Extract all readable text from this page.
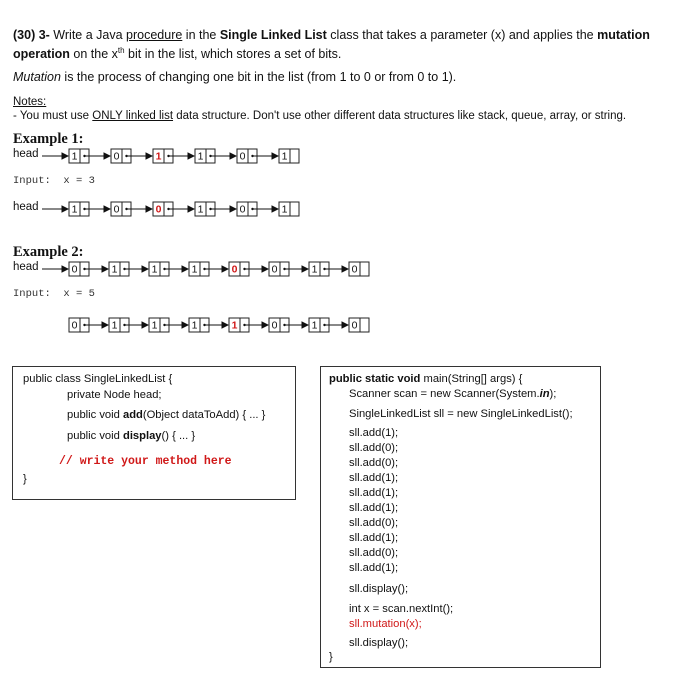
(30) 3- Write a Java procedure in the Single Linked List class that takes a parameter (x) and applies the mutation operation on the $x^{th}$ bit in the list, which stores a set of bits.
Mutation is the process of changing one bit in the list (from 1 to 0 or from 0 to 1).
Notes:
- You must use ONLY linked list data structure. Don't use other different data structures like stack, queue, array, or string.
Example 1:
head
Input:  x = 3
head
Example 2:
head
Input:  x = 5
1	0	1	1	0	1
1	0	0	1	0	1
0	1	1	1	0	0	1	0
0	1	1	1	1	0	1	0
public class SingleLinkedList {
private Node head;
public void add(Object dataToAdd) { ... }
public void display() { ... }
// write your method here
}
public static void main(String[] args) {
Scanner scan = new Scanner(System.in);
SingleLinkedList sll = new SingleLinkedList();
sll.add(1);
sll.add(0);
sll.add(0);
sll.add(1);
sll.add(1);
sll.add(1);
sll.add(0);
sll.add(1);
sll.add(0);
sll.add(1);
sll.display();
int x = scan.nextInt();
sll.mutation(x);
sll.display();
}
